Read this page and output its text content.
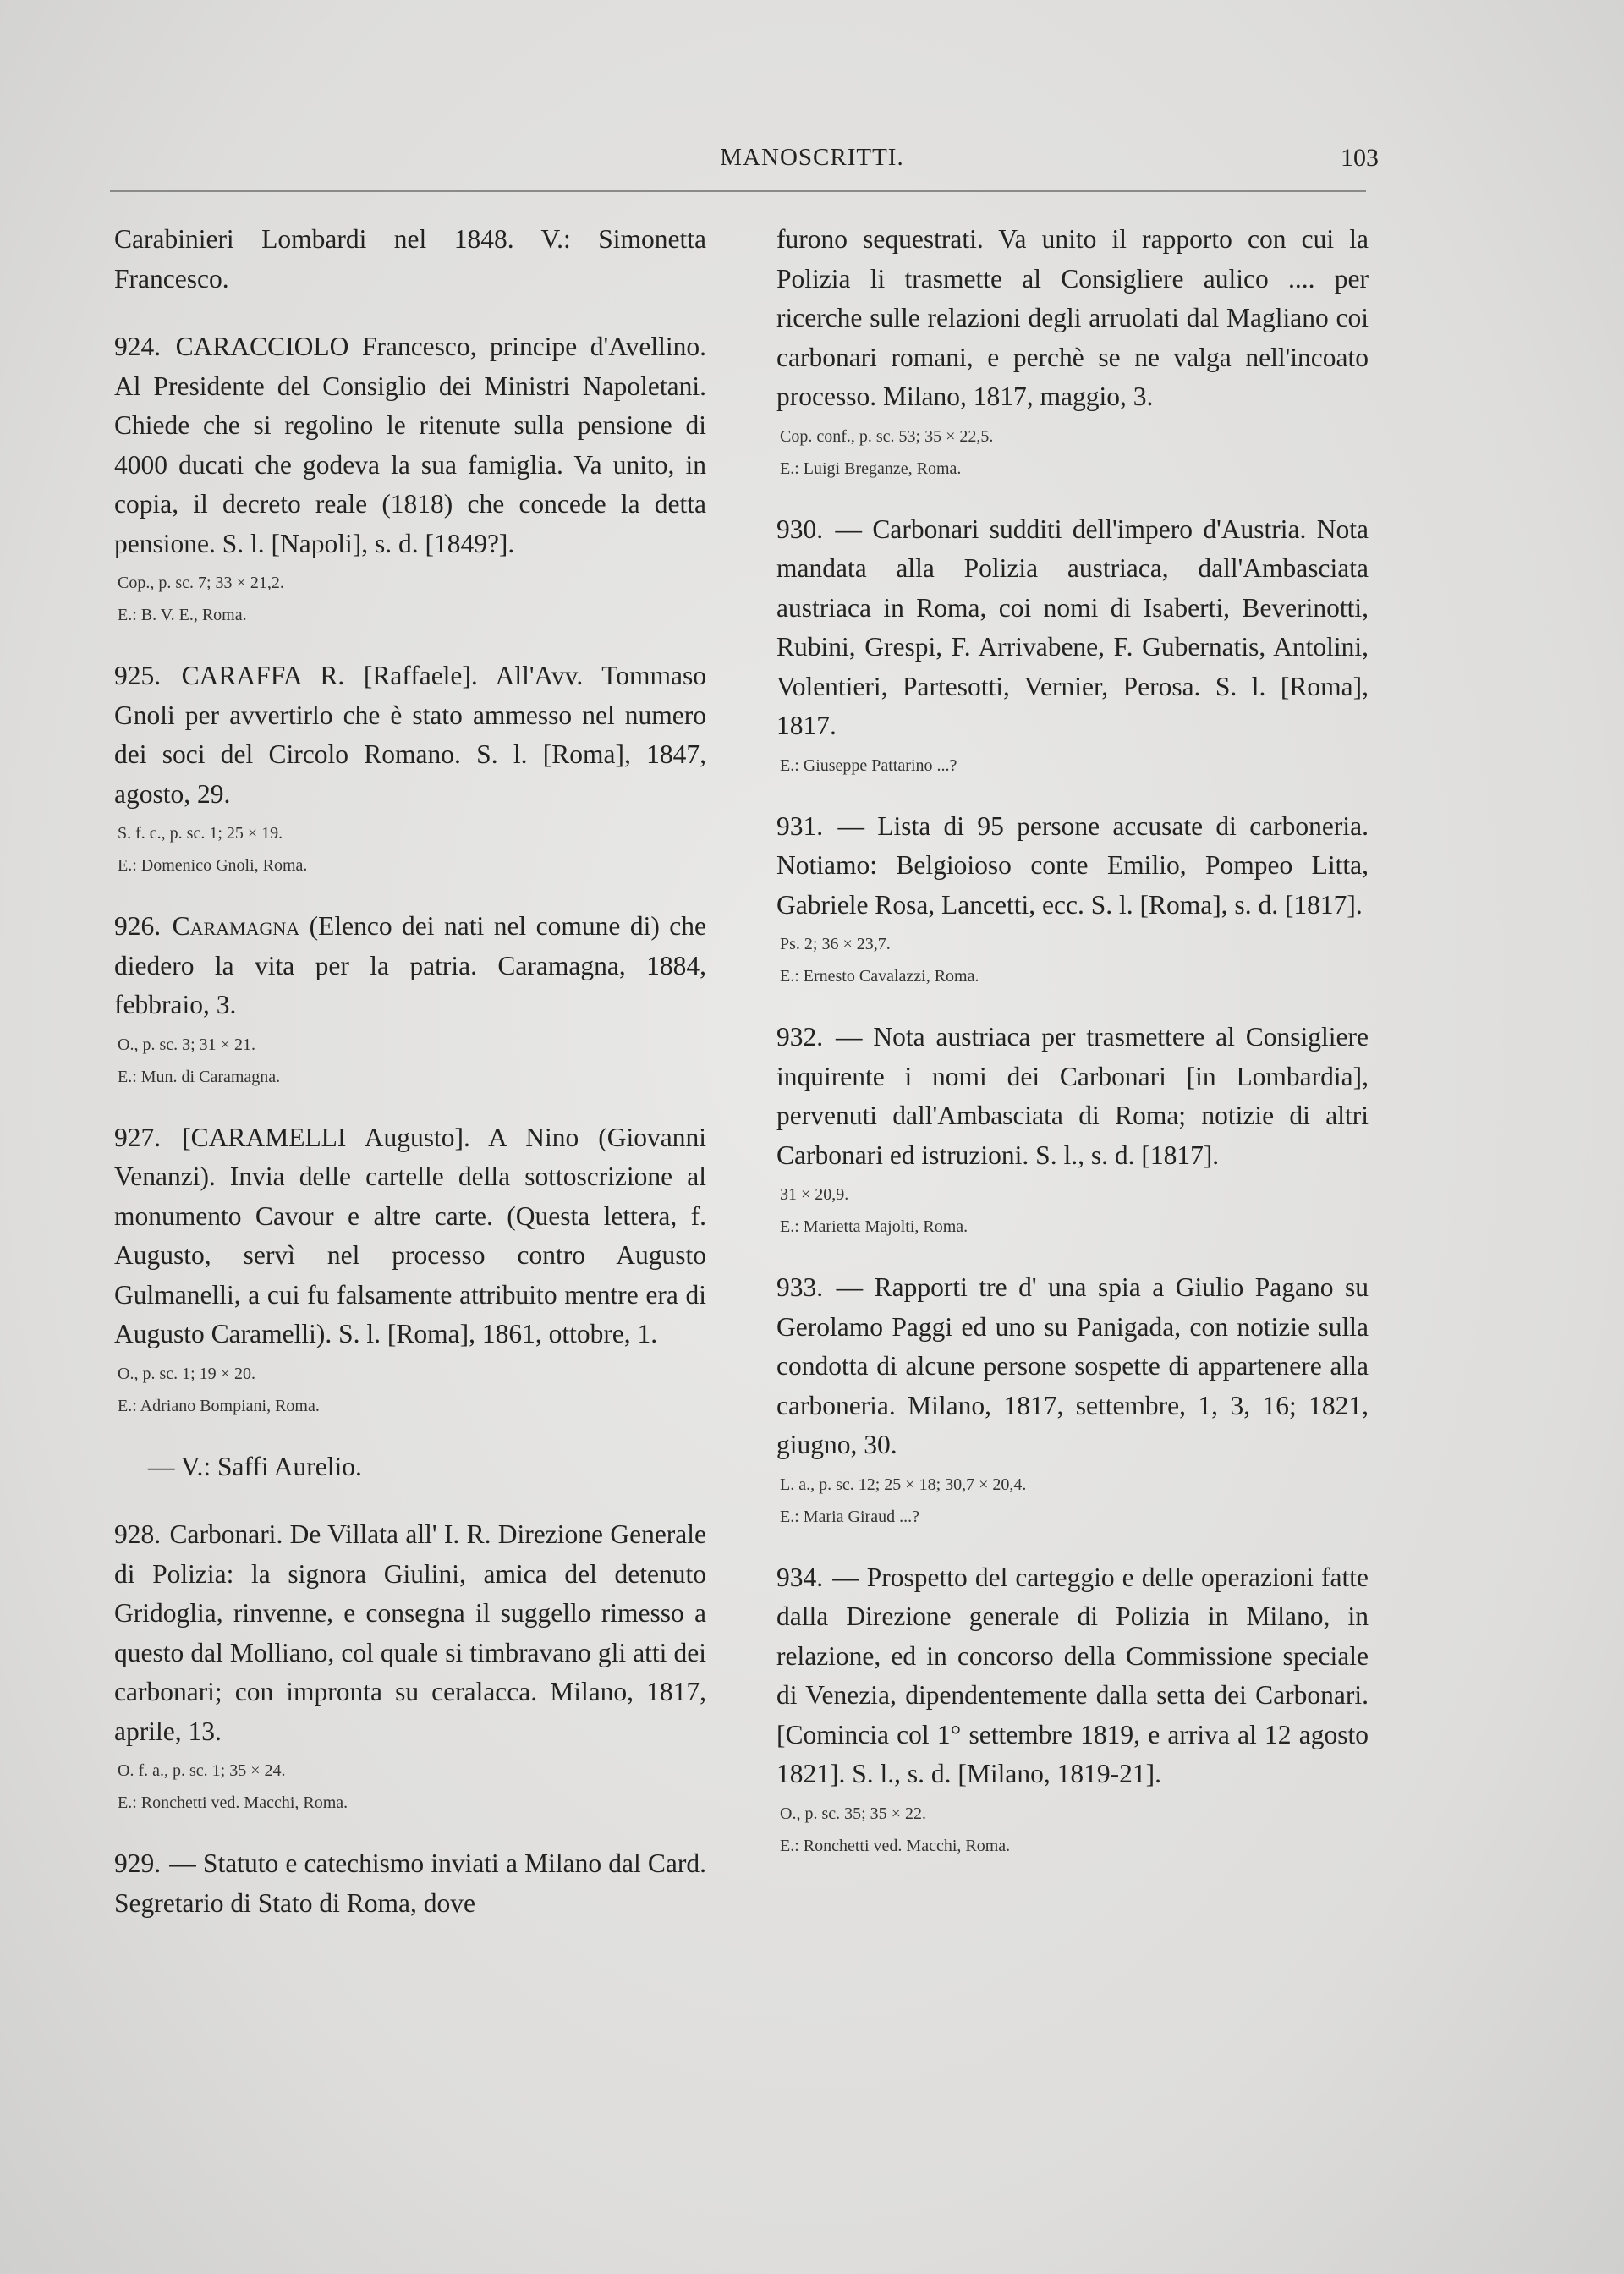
MANOSCRITTI.	103

Carabinieri Lombardi nel 1848. V.: Simonetta Francesco.

924. CARACCIOLO Francesco, principe d'Avellino. Al Presidente del Consiglio dei Ministri Napoletani. Chiede che si regolino le ritenute sulla pensione di 4000 ducati che godeva la sua famiglia. Va unito, in copia, il decreto reale (1818) che concede la detta pensione. S. l. [Napoli], s. d. [1849?].

Cop., p. sc. 7; 33 × 21,2.
E.: B. V. E., Roma.

925. CARAFFA R. [Raffaele]. All'Avv. Tommaso Gnoli per avvertirlo che è stato ammesso nel numero dei soci del Circolo Romano. S. l. [Roma], 1847, agosto, 29.

S. f. c., p. sc. 1; 25 × 19.
E.: Domenico Gnoli, Roma.

926. Caramagna (Elenco dei nati nel comune di) che diedero la vita per la patria. Caramagna, 1884, febbraio, 3.

O., p. sc. 3; 31 × 21.
E.: Mun. di Caramagna.

927. [CARAMELLI Augusto]. A Nino (Giovanni Venanzi). Invia delle cartelle della sottoscrizione al monumento Cavour e altre carte. (Questa lettera, f. Augusto, servì nel processo contro Augusto Gulmanelli, a cui fu falsamente attribuito mentre era di Augusto Caramelli). S. l. [Roma], 1861, ottobre, 1.

O., p. sc. 1; 19 × 20.
E.: Adriano Bompiani, Roma.

— V.: Saffi Aurelio.

928. Carbonari. De Villata all' I. R. Direzione Generale di Polizia: la signora Giulini, amica del detenuto Gridoglia, rinvenne, e consegna il suggello rimesso a questo dal Molliano, col quale si timbravano gli atti dei carbonari; con impronta su ceralacca. Milano, 1817, aprile, 13.

O. f. a., p. sc. 1; 35 × 24.
E.: Ronchetti ved. Macchi, Roma.

929. — Statuto e catechismo inviati a Milano dal Card. Segretario di Stato di Roma, dove

furono sequestrati. Va unito il rapporto con cui la Polizia li trasmette al Consigliere aulico .... per ricerche sulle relazioni degli arruolati dal Magliano coi carbonari romani, e perchè se ne valga nell'incoato processo. Milano, 1817, maggio, 3.

Cop. conf., p. sc. 53; 35 × 22,5.
E.: Luigi Breganze, Roma.

930. — Carbonari sudditi dell'impero d'Austria. Nota mandata alla Polizia austriaca, dall'Ambasciata austriaca in Roma, coi nomi di Isaberti, Beverinotti, Rubini, Grespi, F. Arrivabene, F. Gubernatis, Antolini, Volentieri, Partesotti, Vernier, Perosa. S. l. [Roma], 1817.

E.: Giuseppe Pattarino ...?

931. — Lista di 95 persone accusate di carboneria. Notiamo: Belgioioso conte Emilio, Pompeo Litta, Gabriele Rosa, Lancetti, ecc. S. l. [Roma], s. d. [1817].

Ps. 2; 36 × 23,7.
E.: Ernesto Cavalazzi, Roma.

932. — Nota austriaca per trasmettere al Consigliere inquirente i nomi dei Carbonari [in Lombardia], pervenuti dall'Ambasciata di Roma; notizie di altri Carbonari ed istruzioni. S. l., s. d. [1817].

31 × 20,9.
E.: Marietta Majolti, Roma.

933. — Rapporti tre d' una spia a Giulio Pagano su Gerolamo Paggi ed uno su Panigada, con notizie sulla condotta di alcune persone sospette di appartenere alla carboneria. Milano, 1817, settembre, 1, 3, 16; 1821, giugno, 30.

L. a., p. sc. 12; 25 × 18; 30,7 × 20,4.
E.: Maria Giraud ...?

934. — Prospetto del carteggio e delle operazioni fatte dalla Direzione generale di Polizia in Milano, in relazione, ed in concorso della Commissione speciale di Venezia, dipendentemente dalla setta dei Carbonari. [Comincia col 1° settembre 1819, e arriva al 12 agosto 1821]. S. l., s. d. [Milano, 1819-21].

O., p. sc. 35; 35 × 22.
E.: Ronchetti ved. Macchi, Roma.
